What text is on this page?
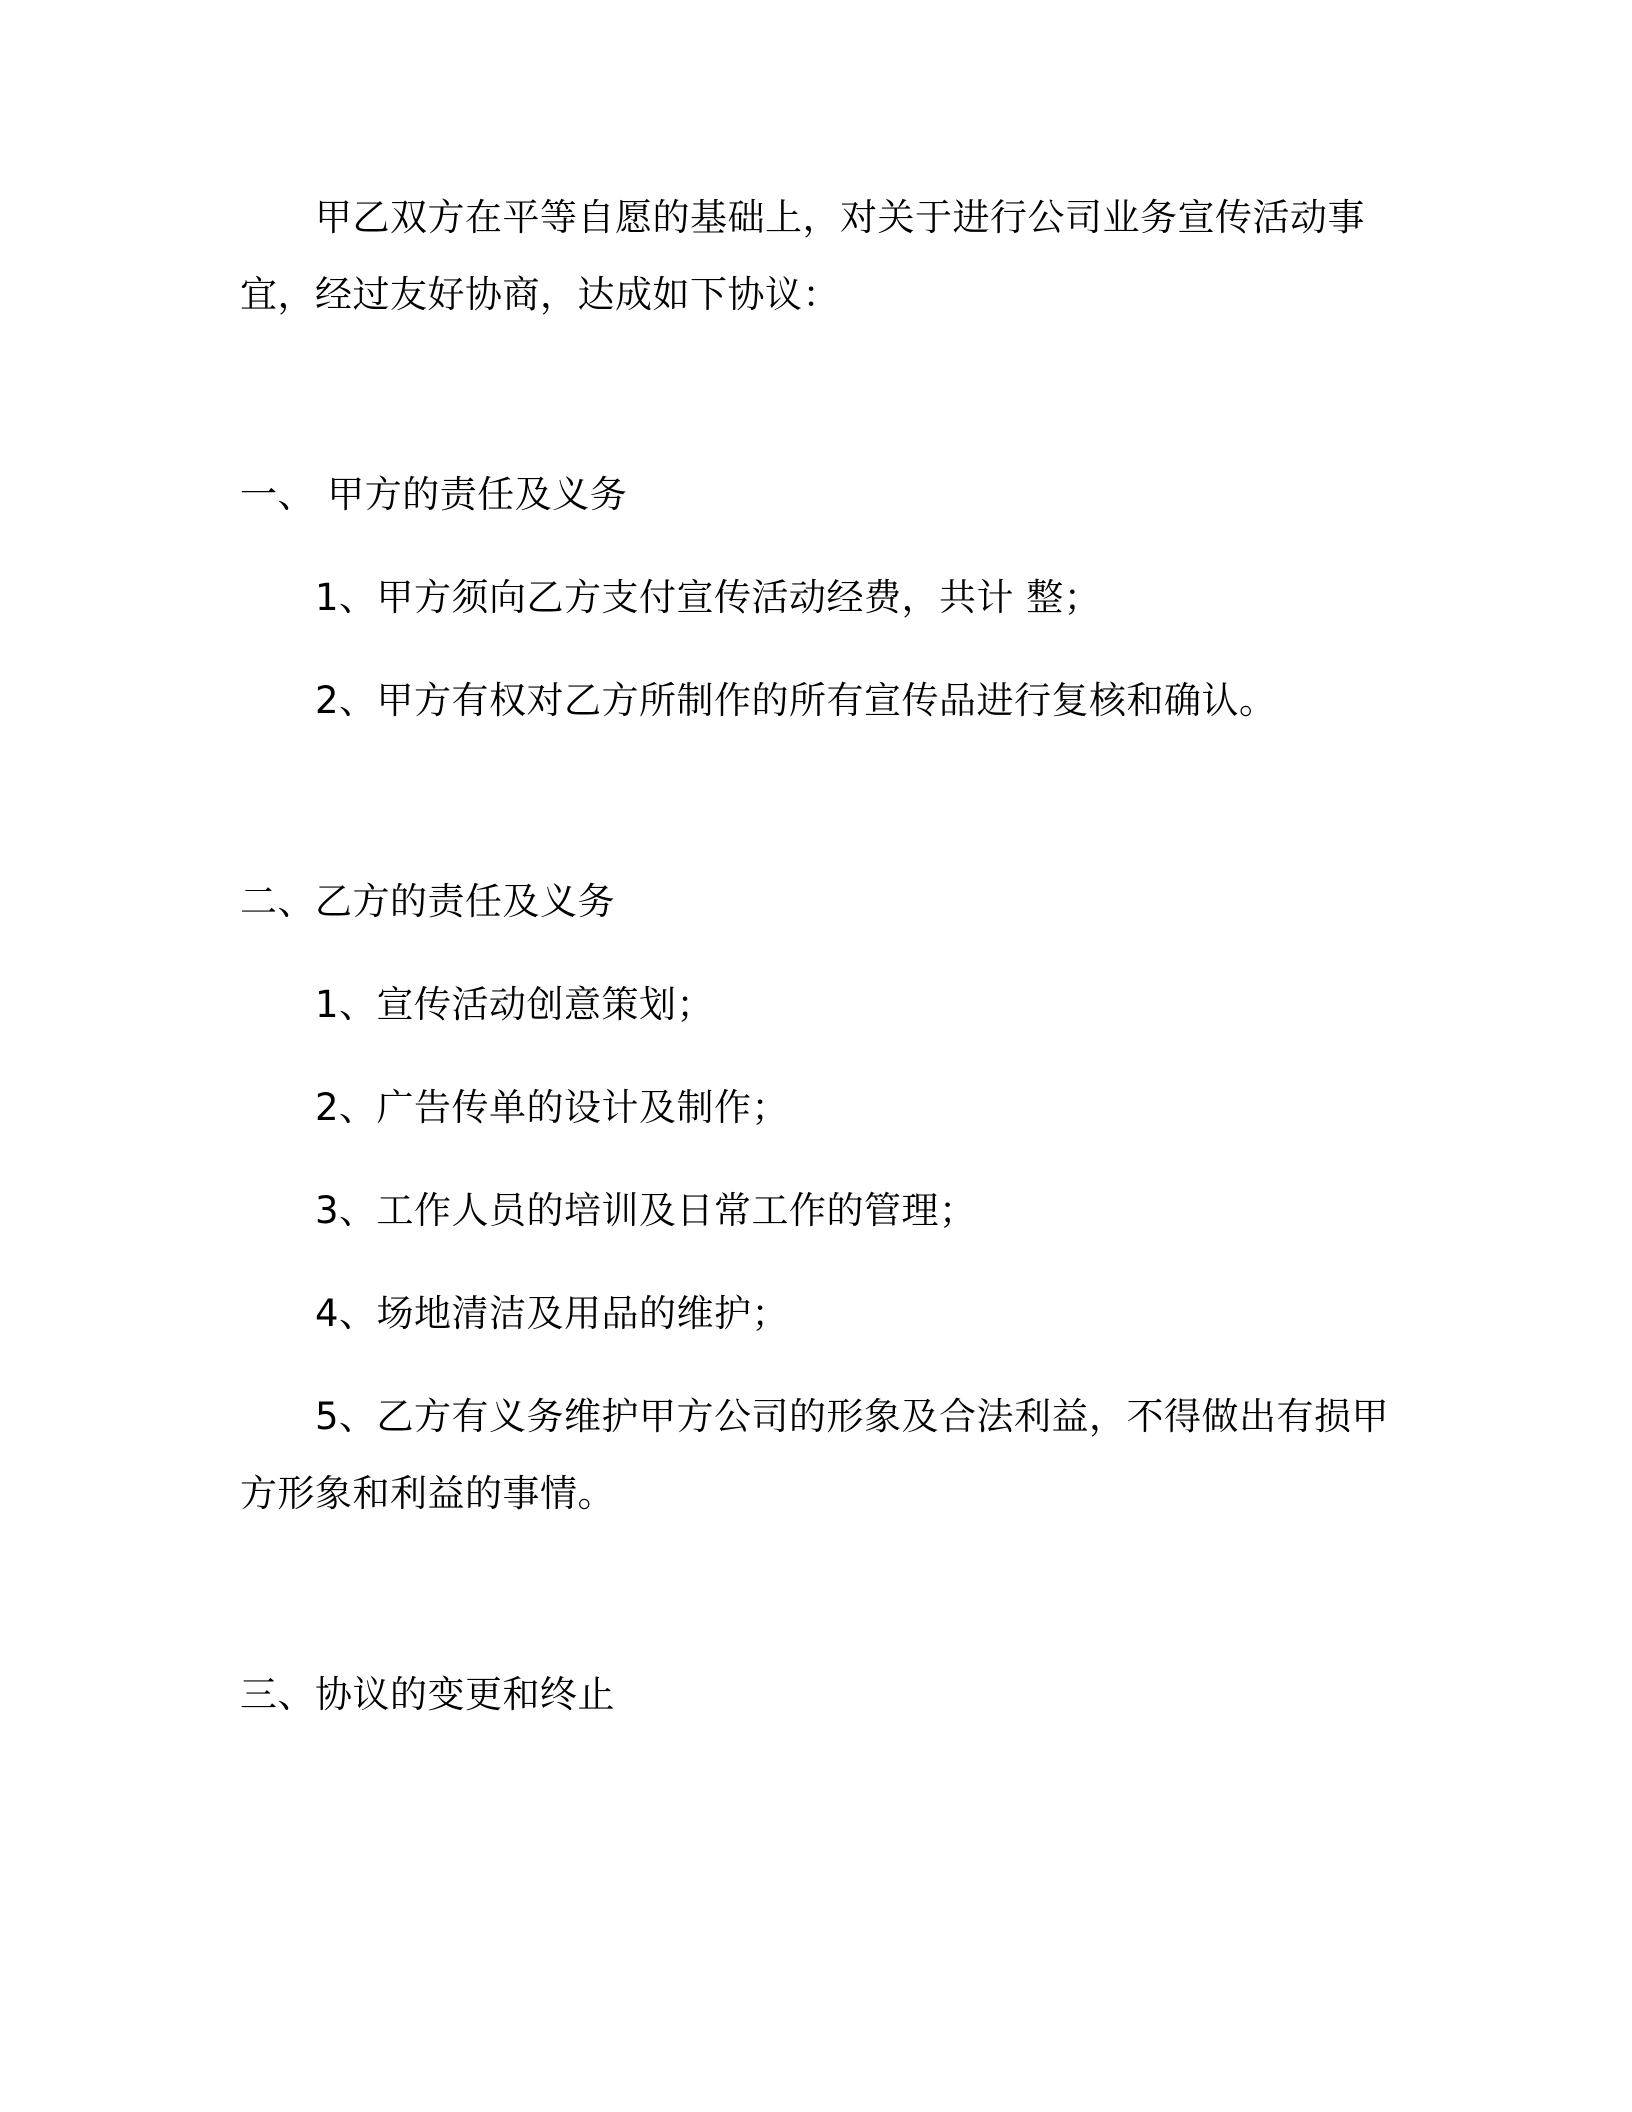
甲乙双方在平等自愿的基础上，对关于进行公司业务宣传活动事
宜，经过友好协商，达成如下协议：
一、 甲方的责任及义务
1、甲方须向乙方支付宣传活动经费，共计 整；
2、甲方有权对乙方所制作的所有宣传品进行复核和确认。
二、乙方的责任及义务
1、宣传活动创意策划；
2、广告传单的设计及制作；
3、工作人员的培训及日常工作的管理；
4、场地清洁及用品的维护；
5、乙方有义务维护甲方公司的形象及合法利益，不得做出有损甲
方形象和利益的事情。
三、协议的变更和终止
